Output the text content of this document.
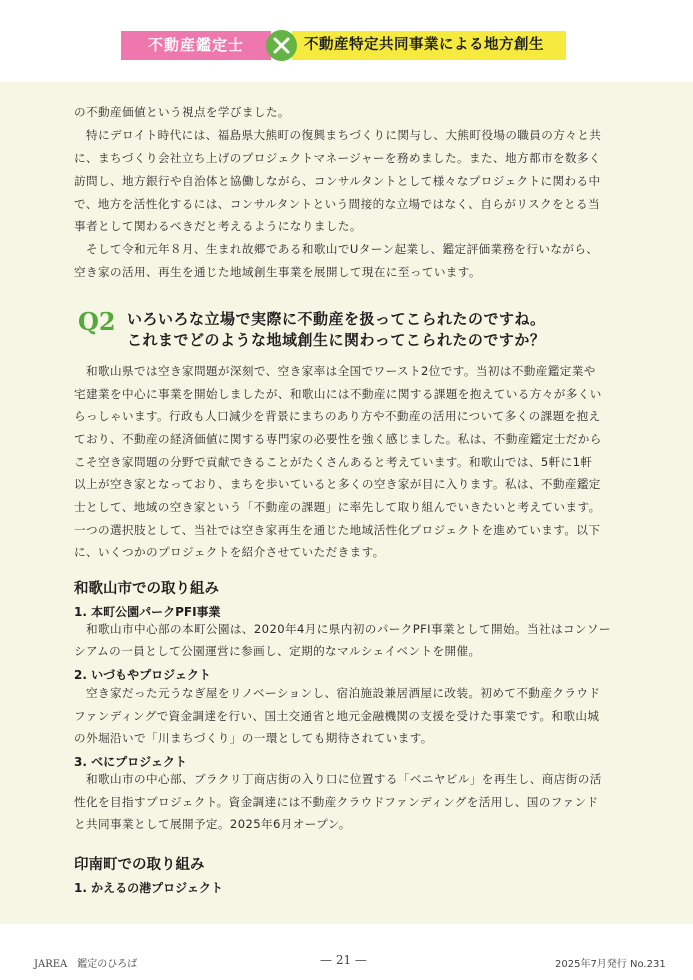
不動産鑑定士	不動産特定共同事業による地方創生
の不動産価値という視点を学びました。
　特にデロイト時代には、福島県大熊町の復興まちづくりに関与し、大熊町役場の職員の方々と共
に、まちづくり会社立ち上げのプロジェクトマネージャーを務めました。また、地方都市を数多く
訪問し、地方銀行や自治体と協働しながら、コンサルタントとして様々なプロジェクトに関わる中
で、地方を活性化するには、コンサルタントという間接的な立場ではなく、自らがリスクをとる当
事者として関わるべきだと考えるようになりました。
　そして令和元年８月、生まれ故郷である和歌山でUターン起業し、鑑定評価業務を行いながら、
空き家の活用、再生を通じた地域創生事業を展開して現在に至っています。
Q2 いろいろな立場で実際に不動産を扱ってこられたのですね。
これまでどのような地域創生に関わってこられたのですか？
　和歌山県では空き家問題が深刻で、空き家率は全国でワースト2位です。当初は不動産鑑定業や
宅建業を中心に事業を開始しましたが、和歌山には不動産に関する課題を抱えている方々が多くい
らっしゃいます。行政も人口減少を背景にまちのあり方や不動産の活用について多くの課題を抱え
ており、不動産の経済価値に関する専門家の必要性を強く感じました。私は、不動産鑑定士だから
こそ空き家問題の分野で貢献できることがたくさんあると考えています。和歌山では、5軒に1軒
以上が空き家となっており、まちを歩いていると多くの空き家が目に入ります。私は、不動産鑑定
士として、地域の空き家という「不動産の課題」に率先して取り組んでいきたいと考えています。
一つの選択肢として、当社では空き家再生を通じた地域活性化プロジェクトを進めています。以下
に、いくつかのプロジェクトを紹介させていただきます。
和歌山市での取り組み
1. 本町公園パークPFI事業
　和歌山市中心部の本町公園は、2020年4月に県内初のパークPFI事業として開始。当社はコンソー
シアムの一員として公園運営に参画し、定期的なマルシェイベントを開催。
2. いづもやプロジェクト
　空き家だった元うなぎ屋をリノベーションし、宿泊施設兼居酒屋に改装。初めて不動産クラウド
ファンディングで資金調達を行い、国土交通省と地元金融機関の支援を受けた事業です。和歌山城
の外堀沿いで「川まちづくり」の一環としても期待されています。
3. べにプロジェクト
　和歌山市の中心部、ブラクリ丁商店街の入り口に位置する「ベニヤビル」を再生し、商店街の活
性化を目指すプロジェクト。資金調達には不動産クラウドファンディングを活用し、国のファンド
と共同事業として展開予定。2025年6月オープン。
印南町での取り組み
1. かえるの港プロジェクト
JAREA　鑑定のひろば	— 21 —	2025年7月発行 No.231
